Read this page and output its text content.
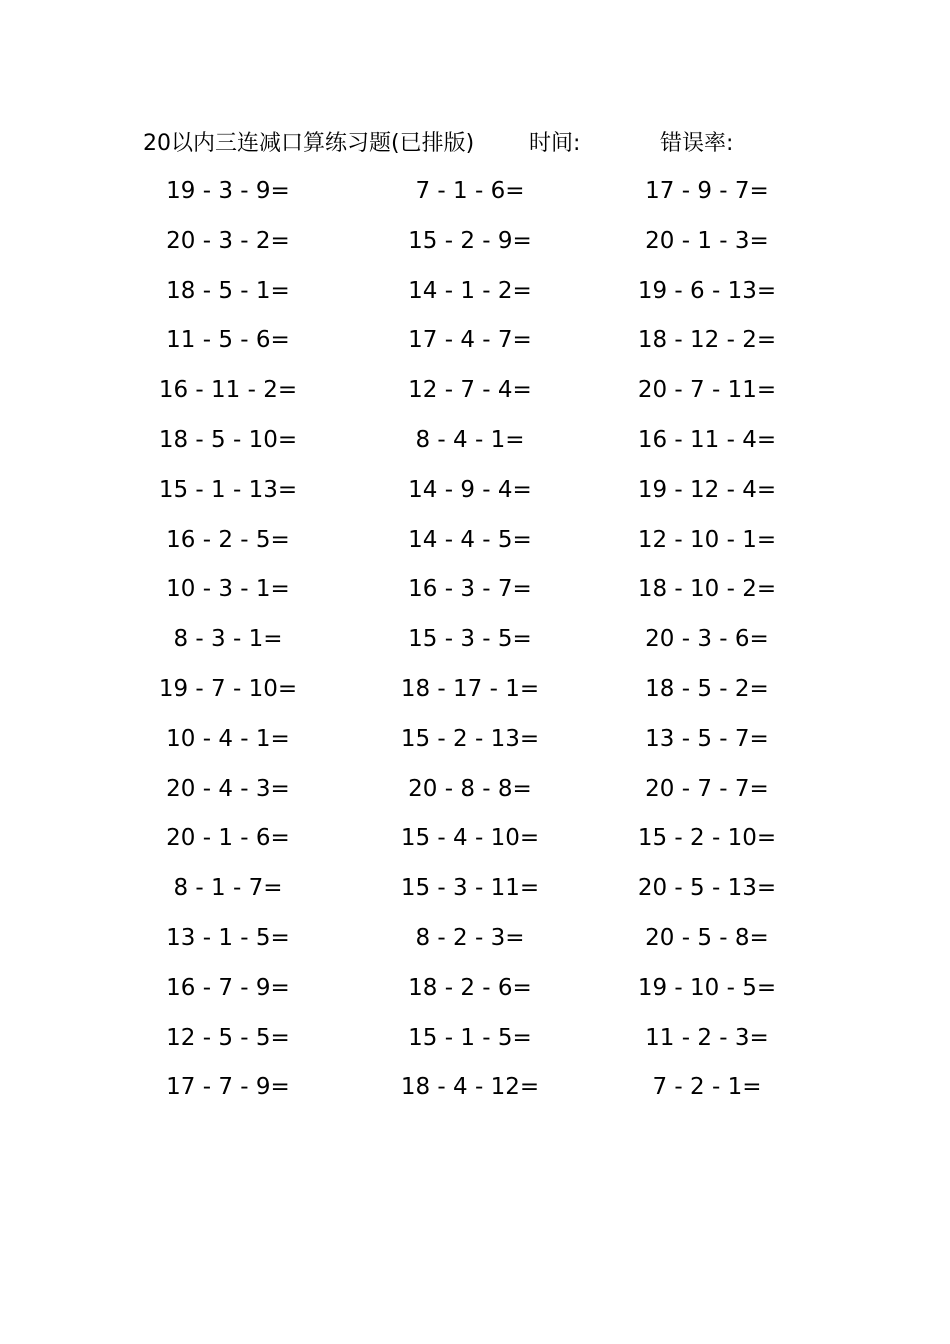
20以内三连减口算练习题(已排版) 时间:	错误率:
19 - 3 - 9=	7 - 1 - 6=	17 - 9 - 7=
20 - 3 - 2=	15 - 2 - 9=	20 - 1 - 3=
18 - 5 - 1=	14 - 1 - 2=	19 - 6 - 13=
11 - 5 - 6=	17 - 4 - 7=	18 - 12 - 2=
16 - 11 - 2=	12 - 7 - 4=	20 - 7 - 11=
18 - 5 - 10=	8 - 4 - 1=	16 - 11 - 4=
15 - 1 - 13=	14 - 9 - 4=	19 - 12 - 4=
16 - 2 - 5=	14 - 4 - 5=	12 - 10 - 1=
10 - 3 - 1=	16 - 3 - 7=	18 - 10 - 2=
8 - 3 - 1=	15 - 3 - 5=	20 - 3 - 6=
19 - 7 - 10=	18 - 17 - 1=	18 - 5 - 2=
10 - 4 - 1=	15 - 2 - 13=	13 - 5 - 7=
20 - 4 - 3=	20 - 8 - 8=	20 - 7 - 7=
20 - 1 - 6=	15 - 4 - 10=	15 - 2 - 10=
8 - 1 - 7=	15 - 3 - 11=	20 - 5 - 13=
13 - 1 - 5=	8 - 2 - 3=	20 - 5 - 8=
16 - 7 - 9=	18 - 2 - 6=	19 - 10 - 5=
12 - 5 - 5=	15 - 1 - 5=	11 - 2 - 3=
17 - 7 - 9=	18 - 4 - 12=	7 - 2 - 1=
